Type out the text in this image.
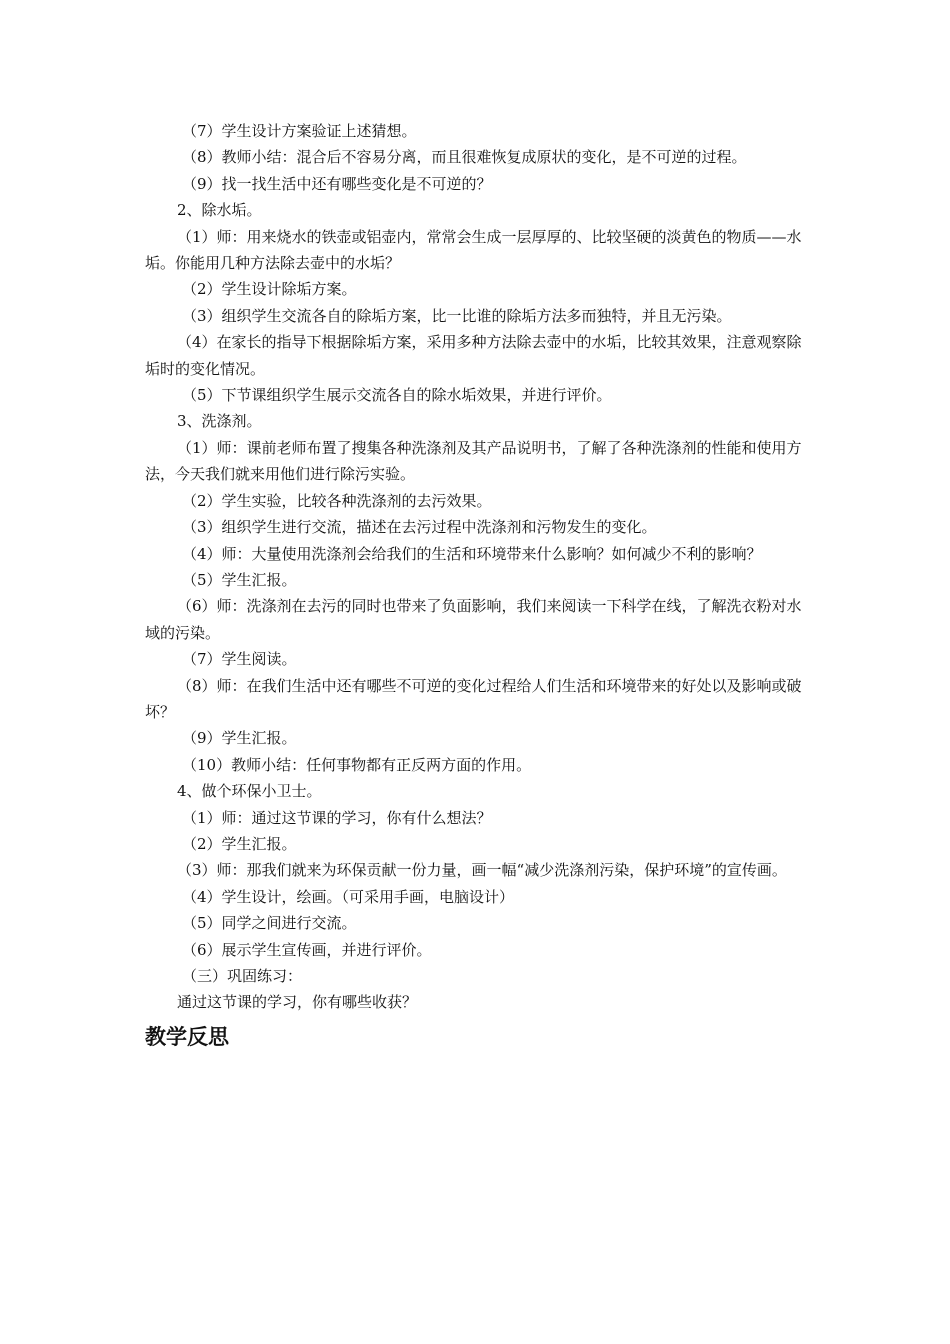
（7）学生设计方案验证上述猜想。

（8）教师小结：混合后不容易分离，而且很难恢复成原状的变化，是不可逆的过程。

（9）找一找生活中还有哪些变化是不可逆的？

2、除水垢。

（1）师：用来烧水的铁壶或铝壶内，常常会生成一层厚厚的、比较坚硬的淡黄色的物质——水垢。你能用几种方法除去壶中的水垢？

（2）学生设计除垢方案。

（3）组织学生交流各自的除垢方案，比一比谁的除垢方法多而独特，并且无污染。

（4）在家长的指导下根据除垢方案，采用多种方法除去壶中的水垢，比较其效果，注意观察除垢时的变化情况。

（5）下节课组织学生展示交流各自的除水垢效果，并进行评价。

3、洗涤剂。

（1）师：课前老师布置了搜集各种洗涤剂及其产品说明书，了解了各种洗涤剂的性能和使用方法，今天我们就来用他们进行除污实验。

（2）学生实验，比较各种洗涤剂的去污效果。

（3）组织学生进行交流，描述在去污过程中洗涤剂和污物发生的变化。

（4）师：大量使用洗涤剂会给我们的生活和环境带来什么影响？如何减少不利的影响？

（5）学生汇报。

（6）师：洗涤剂在去污的同时也带来了负面影响，我们来阅读一下科学在线，了解洗衣粉对水域的污染。

（7）学生阅读。

（8）师：在我们生活中还有哪些不可逆的变化过程给人们生活和环境带来的好处以及影响或破坏？

（9）学生汇报。

（10）教师小结：任何事物都有正反两方面的作用。

4、做个环保小卫士。

（1）师：通过这节课的学习，你有什么想法？

（2）学生汇报。

（3）师：那我们就来为环保贡献一份力量，画一幅“减少洗涤剂污染，保护环境”的宣传画。

（4）学生设计，绘画。（可采用手画，电脑设计）

（5）同学之间进行交流。

（6）展示学生宣传画，并进行评价。

（三）巩固练习：

通过这节课的学习，你有哪些收获？

教学反思
